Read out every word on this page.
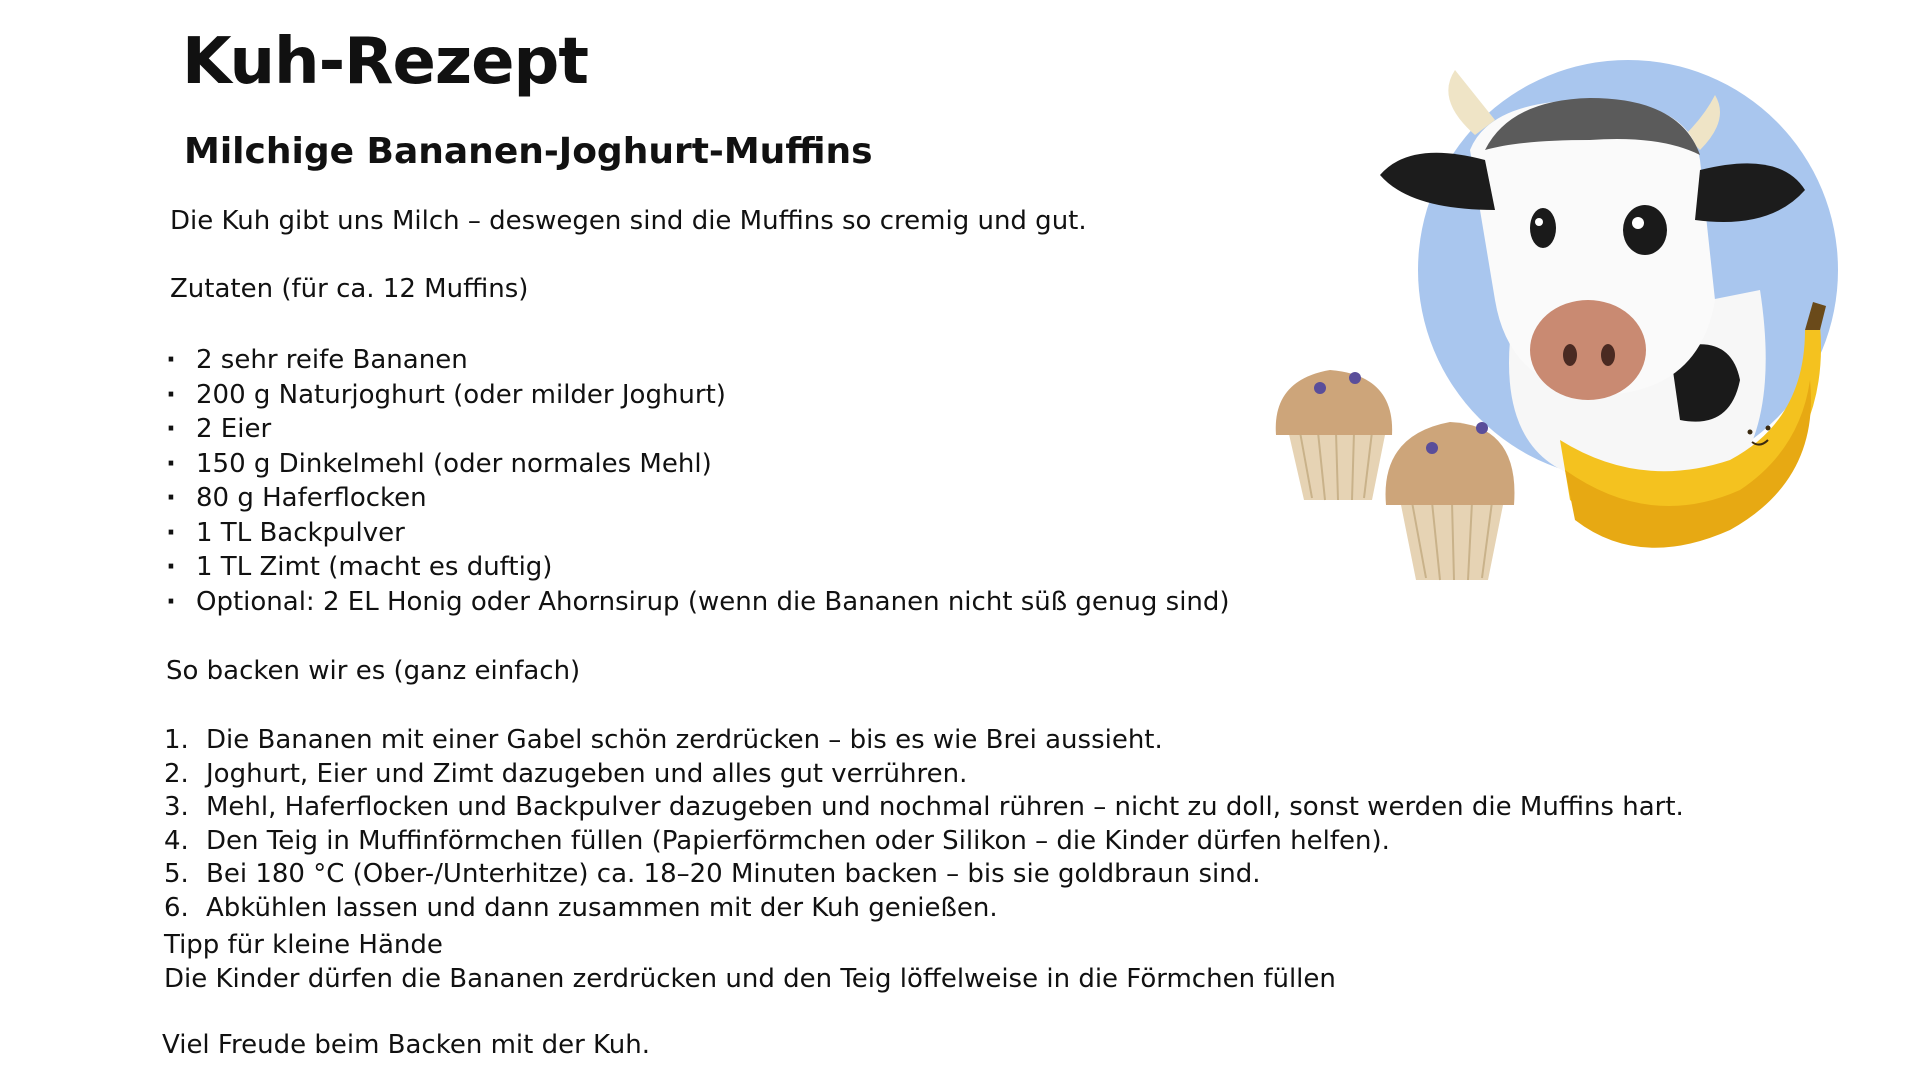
Kuh-Rezept
Milchige Bananen-Joghurt-Muffins

Die Kuh gibt uns Milch – deswegen sind die Muffins so cremig und gut.

Zutaten (für ca. 12 Muffins)

· 2 sehr reife Bananen
· 200 g Naturjoghurt (oder milder Joghurt)
· 2 Eier
· 150 g Dinkelmehl (oder normales Mehl)
· 80 g Haferflocken
· 1 TL Backpulver
· 1 TL Zimt (macht es duftig)
· Optional: 2 EL Honig oder Ahornsirup (wenn die Bananen nicht süß genug sind)

So backen wir es (ganz einfach)

1. Die Bananen mit einer Gabel schön zerdrücken – bis es wie Brei aussieht.
2. Joghurt, Eier und Zimt dazugeben und alles gut verrühren.
3. Mehl, Haferflocken und Backpulver dazugeben und nochmal rühren – nicht zu doll, sonst werden die Muffins hart.
4. Den Teig in Muffinförmchen füllen (Papierförmchen oder Silikon – die Kinder dürfen helfen).
5. Bei 180 °C (Ober-/Unterhitze) ca. 18–20 Minuten backen – bis sie goldbraun sind.
6. Abkühlen lassen und dann zusammen mit der Kuh genießen.

Tipp für kleine Hände

Die Kinder dürfen die Bananen zerdrücken und den Teig löffelweise in die Förmchen füllen

Viel Freude beim Backen mit der Kuh.
